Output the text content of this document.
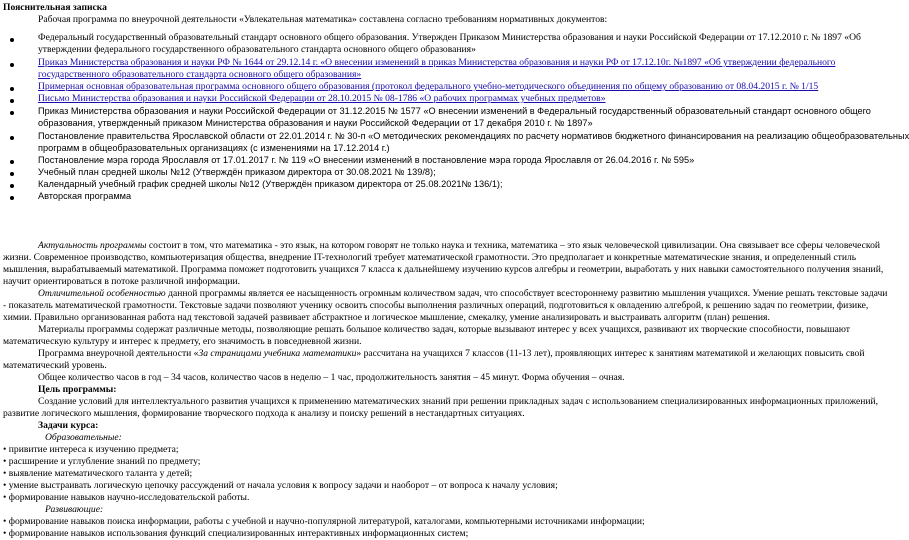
Пояснительная записка
Рабочая программа по внеурочной деятельности «Увлекательная математика» составлена согласно требованиям нормативных документов:
Федеральный государственный образовательный стандарт основного общего образования. Утвержден Приказом Министерства образования и науки Российской Федерации от 17.12.2010 г. № 1897 «Об
утверждении федерального государственного образовательного стандарта основного общего образования»
Приказ Министерства образования и науки РФ № 1644 от 29.12.14 г. «О внесении изменений в приказ Министерства образования и науки РФ от 17.12.10г. №1897 «Об утверждении федерального
государственного образовательного стандарта основного общего образования»
Примерная основная образовательная программа основного общего образования (протокол федерального учебно-методического объединения по общему образованию от 08.04.2015 г. № 1/15
Письмо Министерства образования и науки Российской Федерации от 28.10.2015 № 08-1786 «О рабочих программах учебных предметов»
Приказ Министерства образования и науки Российской Федерации от 31.12.2015 № 1577 «О внесении изменений в Федеральный государственный образовательный стандарт основного общего
образования, утвержденный приказом Министерства образования и науки Российской Федерации от 17 декабря 2010 г. № 1897»
Постановление правительства Ярославской области от 22.01.2014 г. № 30-п «О методических рекомендациях по расчету нормативов бюджетного финансирования на реализацию общеобразовательных
программ в общеобразовательных организациях (с изменениями на 17.12.2014 г.)
Постановление мэра города Ярославля от 17.01.2017 г. № 119 «О внесении изменений в постановление мэра города Ярославля от 26.04.2016 г. № 595»
Учебный план средней школы №12 (Утверждён приказом директора от 30.08.2021 № 139/8);
Календарный учебный график средней школы №12 (Утверждён приказом директора от 25.08.2021№ 136/1);
Авторская программа
Актуальность программы состоит в том, что математика - это язык, на котором говорят не только наука и техника, математика – это язык человеческой цивилизации. Она связывает все сферы человеческой
жизни. Современное производство, компьютеризация общества, внедрение IT-технологий требует математической грамотности. Это предполагает и конкретные математические знания, и определенный стиль
мышления, вырабатываемый математикой. Программа поможет подготовить учащихся 7 класса к дальнейшему изучению курсов алгебры и геометрии, выработать у них навыки самостоятельного получения знаний,
научит ориентироваться в потоке различной информации.
Отличительной особенностью данной программы является ее насыщенность огромным количеством задач, что способствует всестороннему развитию мышления учащихся. Умение решать текстовые задачи
- показатель математической грамотности. Текстовые задачи позволяют ученику освоить способы выполнения различных операций, подготовиться к овладению алгеброй, к решению задач по геометрии, физике,
химии. Правильно организованная работа над текстовой задачей развивает абстрактное и логическое мышление, смекалку, умение анализировать и выстраивать алгоритм (план) решения.
Материалы программы содержат различные методы, позволяющие решать большое количество задач, которые вызывают интерес у всех учащихся, развивают их творческие способности, повышают
математическую культуру и интерес к предмету, его значимость в повседневной жизни.
Программа внеурочной деятельности «За страницами учебника математики» рассчитана на учащихся 7 классов (11-13 лет), проявляющих интерес к занятиям математикой и желающих повысить свой
математический уровень.
Общее количество часов в год – 34 часов, количество часов в неделю – 1 час, продолжительность занятия – 45 минут. Форма обучения – очная.
Цель программы:
Создание условий для интеллектуального развития учащихся к применению математических знаний при решении прикладных задач с использованием специализированных информационных приложений,
развитие логического мышления, формирование творческого подхода к анализу и поиску решений в нестандартных ситуациях.
Задачи курса:
Образовательные:
• привитие интереса к изучению предмета;
• расширение и углубление знаний по предмету;
• выявление математического таланта у детей;
• умение выстраивать логическую цепочку рассуждений от начала условия к вопросу задачи и наоборот – от вопроса к началу условия;
• формирование навыков научно-исследовательской работы.
Развивающие:
• формирование навыков поиска информации, работы с учебной и научно-популярной литературой, каталогами, компьютерными источниками информации;
• формирование навыков использования функций специализированных интерактивных информационных систем;
